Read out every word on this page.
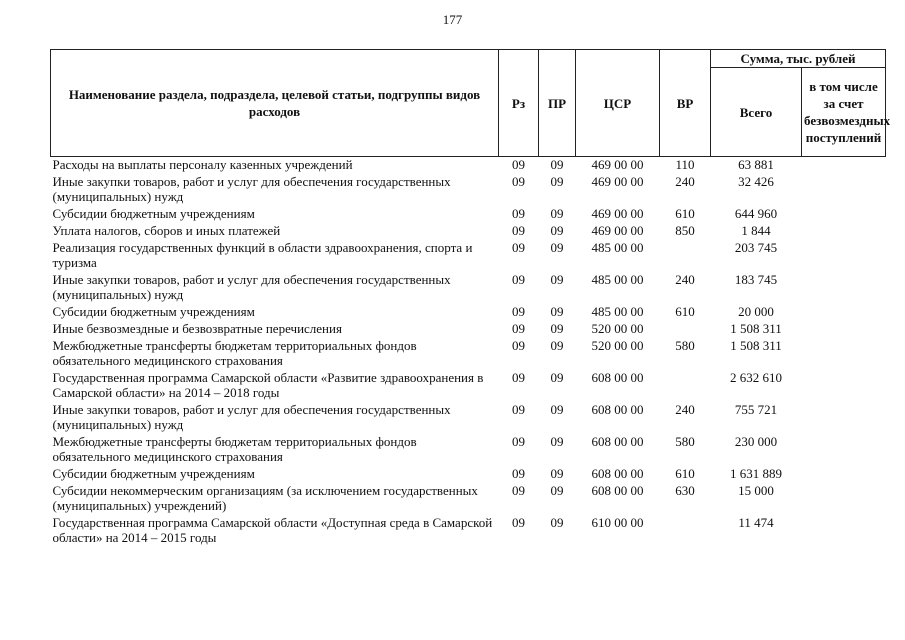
177
Наименование раздела, подраздела, целевой статьи, подгруппы видов расходов	Рз	ПР	ЦСР	ВР	Сумма, тыс. рублей	
					Всего	в том числе за счет безвозмездных поступлений
Расходы на выплаты персоналу казенных учреждений	09	09	469 00 00	110	63 881	
Иные закупки товаров, работ и услуг для обеспечения государственных (муниципальных) нужд	09	09	469 00 00	240	32 426	
Субсидии бюджетным учреждениям	09	09	469 00 00	610	644 960	
Уплата налогов, сборов и иных платежей	09	09	469 00 00	850	1 844	
Реализация государственных функций в области здравоохранения, спорта и туризма	09	09	485 00 00		203 745	
Иные закупки товаров, работ и услуг для обеспечения государственных (муниципальных) нужд	09	09	485 00 00	240	183 745	
Субсидии бюджетным учреждениям	09	09	485 00 00	610	20 000	
Иные безвозмездные и безвозвратные перечисления	09	09	520 00 00		1 508 311	
Межбюджетные трансферты бюджетам территориальных фондов обязательного медицинского страхования	09	09	520 00 00	580	1 508 311	
Государственная программа Самарской области «Развитие здравоохранения в Самарской области» на 2014 – 2018 годы	09	09	608 00 00		2 632 610	
Иные закупки товаров, работ и услуг для обеспечения государственных (муниципальных) нужд	09	09	608 00 00	240	755 721	
Межбюджетные трансферты бюджетам территориальных фондов обязательного медицинского страхования	09	09	608 00 00	580	230 000	
Субсидии бюджетным учреждениям	09	09	608 00 00	610	1 631 889	
Субсидии некоммерческим организациям (за исключением государственных (муниципальных) учреждений)	09	09	608 00 00	630	15 000	
Государственная программа Самарской области «Доступная среда в Самарской области» на 2014 – 2015 годы	09	09	610 00 00		11 474	
